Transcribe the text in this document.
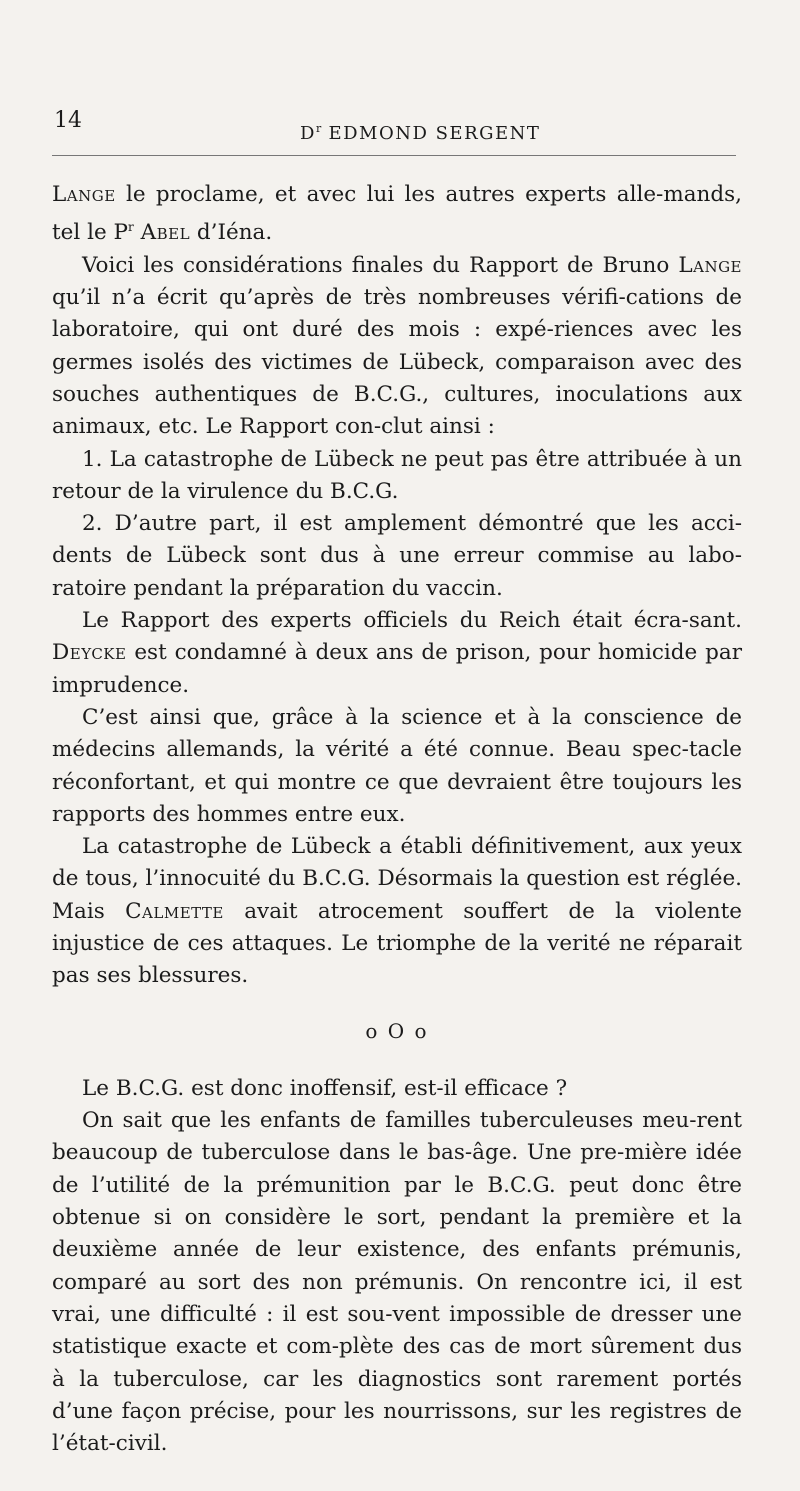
14
$D^r$ EDMOND SERGENT

Lange le proclame, et avec lui les autres experts alle-mands, tel le $P^r$ Abel d’Iéna.

Voici les considérations finales du Rapport de Bruno Lange qu’il n’a écrit qu’après de très nombreuses vérifi-cations de laboratoire, qui ont duré des mois : expé-riences avec les germes isolés des victimes de Lübeck, comparaison avec des souches authentiques de B.C.G., cultures, inoculations aux animaux, etc. Le Rapport con-clut ainsi :

1. La catastrophe de Lübeck ne peut pas être attribuée à un retour de la virulence du B.C.G.

2. D’autre part, il est amplement démontré que les acci-dents de Lübeck sont dus à une erreur commise au labo-ratoire pendant la préparation du vaccin.

Le Rapport des experts officiels du Reich était écra-sant. Deycke est condamné à deux ans de prison, pour homicide par imprudence.

C’est ainsi que, grâce à la science et à la conscience de médecins allemands, la vérité a été connue. Beau spec-tacle réconfortant, et qui montre ce que devraient être toujours les rapports des hommes entre eux.

La catastrophe de Lübeck a établi définitivement, aux yeux de tous, l’innocuité du B.C.G. Désormais la question est réglée. Mais Calmette avait atrocement souffert de la violente injustice de ces attaques. Le triomphe de la verité ne réparait pas ses blessures.

o O o

Le B.C.G. est donc inoffensif, est-il efficace ?

On sait que les enfants de familles tuberculeuses meu-rent beaucoup de tuberculose dans le bas-âge. Une pre-mière idée de l’utilité de la prémunition par le B.C.G. peut donc être obtenue si on considère le sort, pendant la première et la deuxième année de leur existence, des enfants prémunis, comparé au sort des non prémunis. On rencontre ici, il est vrai, une difficulté : il est sou-vent impossible de dresser une statistique exacte et com-plète des cas de mort sûrement dus à la tuberculose, car les diagnostics sont rarement portés d’une façon précise, pour les nourrissons, sur les registres de l’état-civil.
